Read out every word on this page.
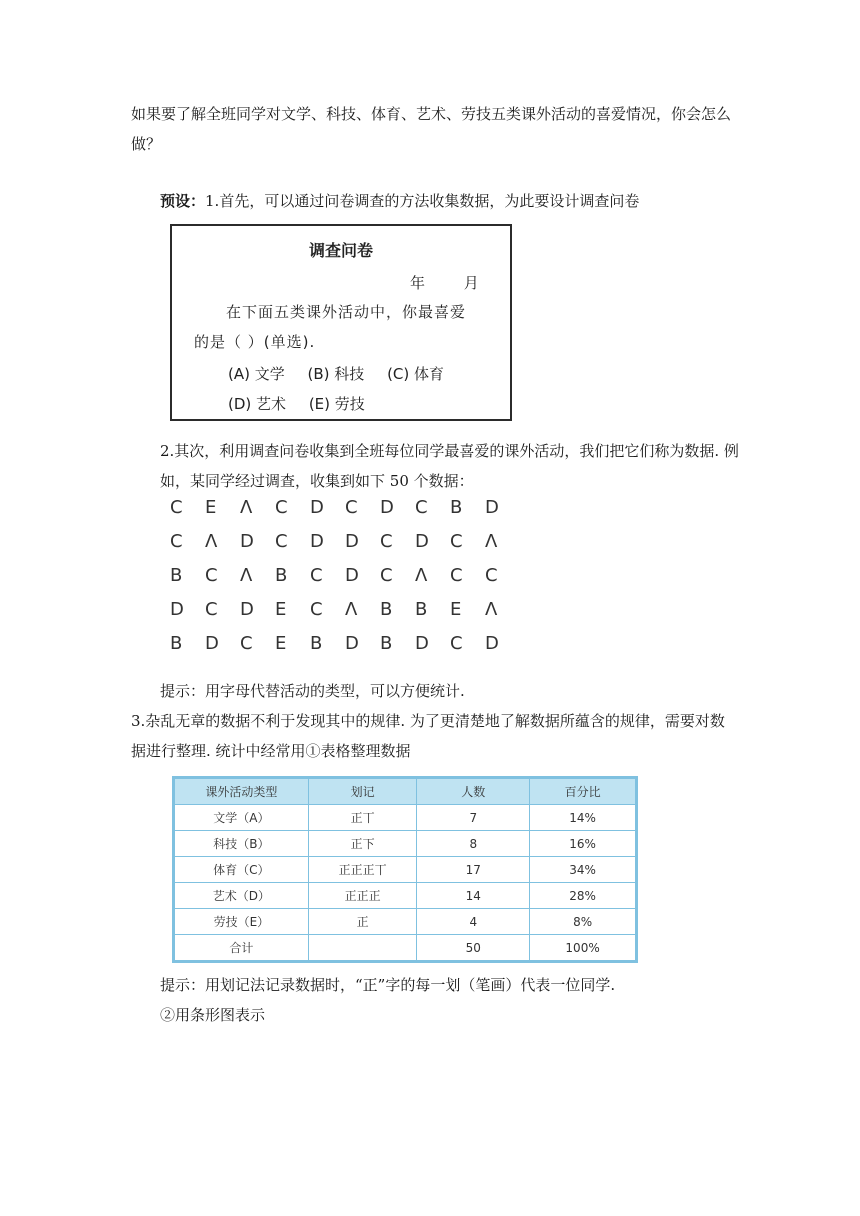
如果要了解全班同学对文学、科技、体育、艺术、劳技五类课外活动的喜爱情况，你会怎么做？
预设：1.首先，可以通过问卷调查的方法收集数据，为此要设计调查问卷
调查问卷
年 月
在下面五类课外活动中，你最喜爱
的是（ ）(单选).
(A) 文学 (B) 科技 (C) 体育
(D) 艺术 (E) 劳技
2.其次，利用调查问卷收集到全班每位同学最喜爱的课外活动，我们把它们称为数据. 例如，某同学经过调查，收集到如下 50 个数据：
C	E	Λ	C	D	C	D	C	B	D
C	Λ	D	C	D	D	C	D	C	Λ
B	C	Λ	B	C	D	C	Λ	C	C
D	C	D	E	C	Λ	B	B	E	Λ
B	D	C	E	B	D	B	D	C	D
提示：用字母代替活动的类型，可以方便统计.
3.杂乱无章的数据不利于发现其中的规律. 为了更清楚地了解数据所蕴含的规律，需要对数据进行整理. 统计中经常用①表格整理数据
课外活动类型	划记	人数	百分比
文学（A）	正丅	7	14%
科技（B）	正下	8	16%
体育（C）	正正正丅	17	34%
艺术（D）	正正正	14	28%
劳技（E）	正	4	8%
合计		50	100%
提示：用划记法记录数据时，“正”字的每一划（笔画）代表一位同学.
②用条形图表示
